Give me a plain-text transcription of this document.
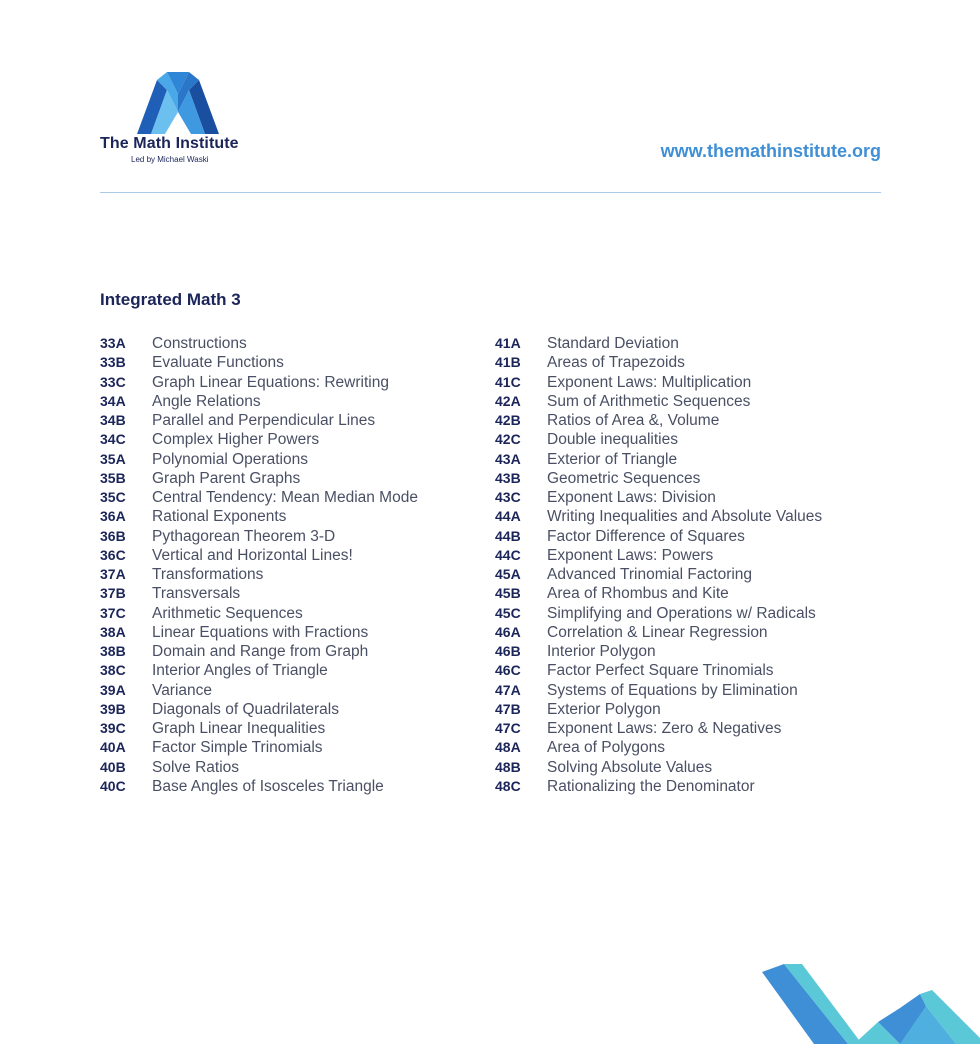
The Math Institute
Led by Michael Waski	www.themathinstitute.org
Integrated Math 3
33A Constructions
33B Evaluate Functions
33C Graph Linear Equations: Rewriting
34A Angle Relations
34B Parallel and Perpendicular Lines
34C Complex Higher Powers
35A Polynomial Operations
35B Graph Parent Graphs
35C Central Tendency: Mean Median Mode
36A Rational Exponents
36B Pythagorean Theorem 3-D
36C Vertical and Horizontal Lines!
37A Transformations
37B Transversals
37C Arithmetic Sequences
38A Linear Equations with Fractions
38B Domain and Range from Graph
38C Interior Angles of Triangle
39A Variance
39B Diagonals of Quadrilaterals
39C Graph Linear Inequalities
40A Factor Simple Trinomials
40B Solve Ratios
40C Base Angles of Isosceles Triangle
41A Standard Deviation
41B Areas of Trapezoids
41C Exponent Laws: Multiplication
42A Sum of Arithmetic Sequences
42B Ratios of Area &, Volume
42C Double inequalities
43A Exterior of Triangle
43B Geometric Sequences
43C Exponent Laws: Division
44A Writing Inequalities and Absolute Values
44B Factor Difference of Squares
44C Exponent Laws: Powers
45A Advanced Trinomial Factoring
45B Area of Rhombus and Kite
45C Simplifying and Operations w/ Radicals
46A Correlation & Linear Regression
46B Interior Polygon
46C Factor Perfect Square Trinomials
47A Systems of Equations by Elimination
47B Exterior Polygon
47C Exponent Laws: Zero & Negatives
48A Area of Polygons
48B Solving Absolute Values
48C Rationalizing the Denominator
